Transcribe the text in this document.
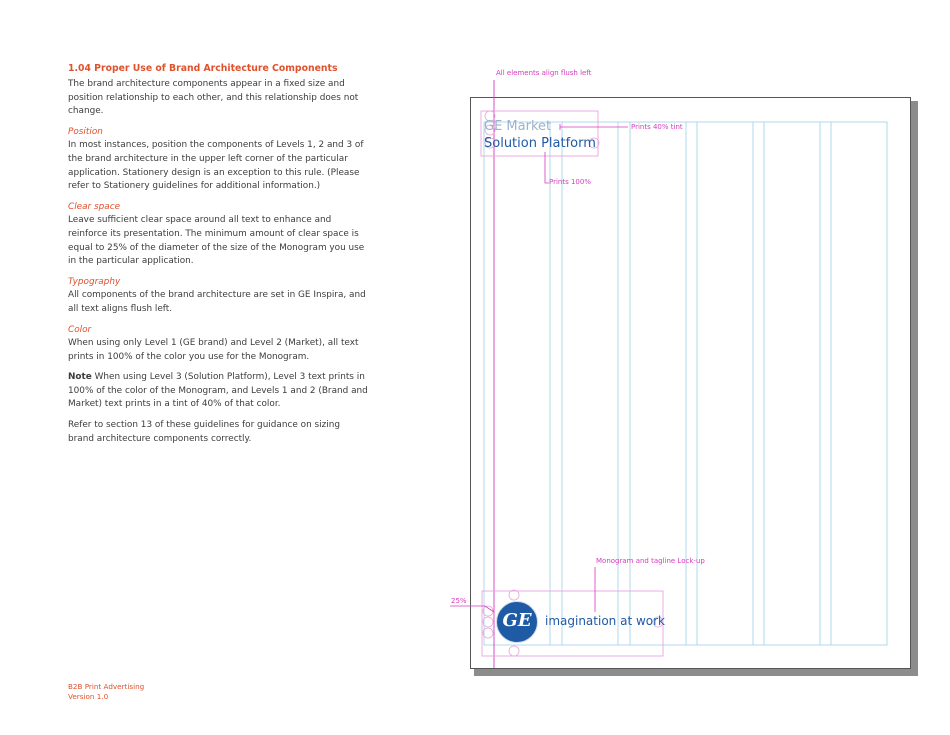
1.04 Proper Use of Brand Architecture Components

The brand architecture components appear in a fixed size and position relationship to each other, and this relationship does not change.

Position

In most instances, position the components of Levels 1, 2 and 3 of the brand architecture in the upper left corner of the particular application. Stationery design is an exception to this rule. (Please refer to Stationery guidelines for additional information.)

Clear space

Leave sufficient clear space around all text to enhance and reinforce its presentation. The minimum amount of clear space is equal to 25% of the diameter of the size of the Monogram you use in the particular application.

Typography

All components of the brand architecture are set in GE Inspira, and all text aligns flush left.

Color

When using only Level 1 (GE brand) and Level 2 (Market), all text prints in 100% of the color you use for the Monogram.

Note When using Level 3 (Solution Platform), Level 3 text prints in 100% of the color of the Monogram, and Levels 1 and 2 (Brand and Market) text prints in a tint of 40% of that color.

Refer to section 13 of these guidelines for guidance on sizing brand architecture components correctly.

B2B Print Advertising
Version 1.0
GE Market
Solution Platform
GE	imagination at work
All elements align flush left
Prints 40% tint
Prints 100%
Monogram and tagline Lock-up
25%
